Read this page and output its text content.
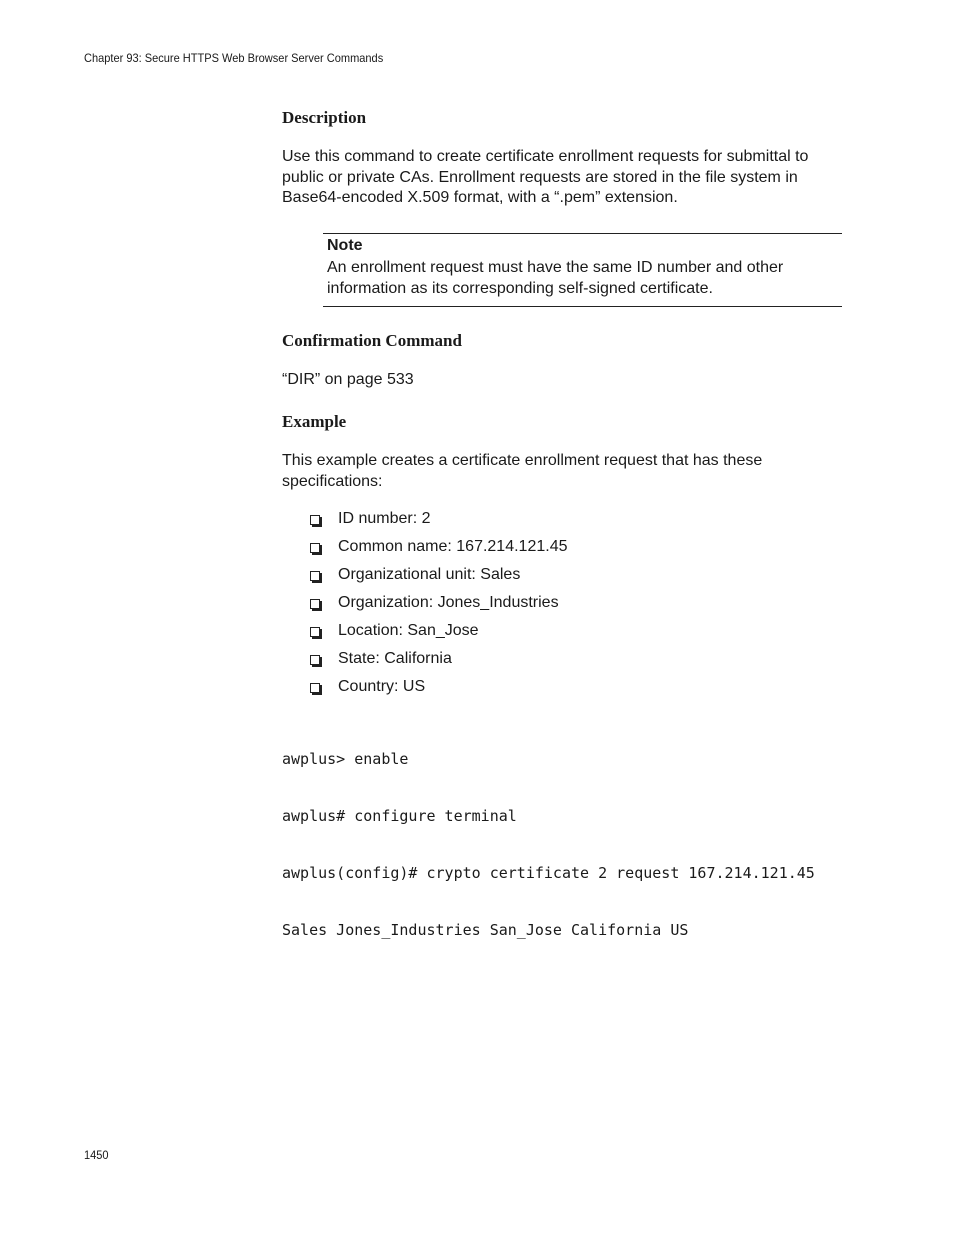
Chapter 93: Secure HTTPS Web Browser Server Commands
Description
Use this command to create certificate enrollment requests for submittal to
public or private CAs. Enrollment requests are stored in the file system in
Base64-encoded X.509 format, with a “.pem” extension.
Note
An enrollment request must have the same ID number and other
information as its corresponding self-signed certificate.
Confirmation Command
“DIR” on page 533
Example
This example creates a certificate enrollment request that has these
specifications:
ID number: 2
Common name: 167.214.121.45
Organizational unit: Sales
Organization: Jones_Industries
Location: San_Jose
State: California
Country: US

awplus> enable

awplus# configure terminal

awplus(config)# crypto certificate 2 request 167.214.121.45

Sales Jones_Industries San_Jose California US

1450
